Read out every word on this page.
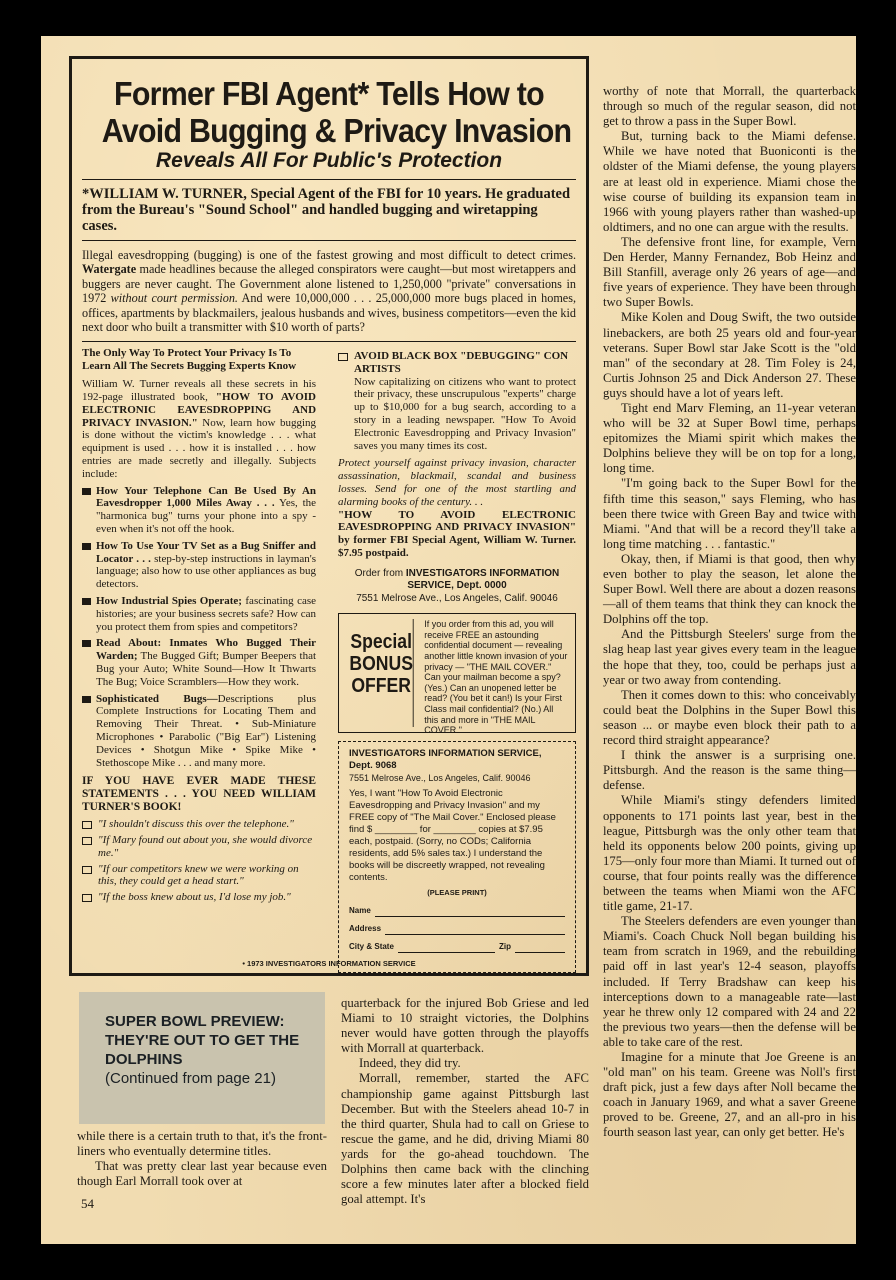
Former FBI Agent* Tells How to
Avoid Bugging & Privacy Invasion
Reveals All For Public's Protection
*WILLIAM W. TURNER, Special Agent of the FBI for 10 years. He graduated from the Bureau's "Sound School" and handled bugging and wiretapping cases.
Illegal eavesdropping (bugging) is one of the fastest growing and most difficult to detect crimes. Watergate made headlines because the alleged conspirators were caught—but most wiretappers and buggers are never caught. The Government alone listened to 1,250,000 "private" conversations in 1972 without court permission. And were 10,000,000 . . . 25,000,000 more bugs placed in homes, offices, apartments by blackmailers, jealous husbands and wives, business competitors—even the kid next door who built a transmitter with $10 worth of parts?
The Only Way To Protect Your Privacy Is To Learn All The Secrets Bugging Experts Know

William W. Turner reveals all these secrets in his 192-page illustrated book, "HOW TO AVOID ELECTRONIC EAVESDROPPING AND PRIVACY INVASION." Now, learn how bugging is done without the victim's knowledge . . . what equipment is used . . . how it is installed . . . how entries are made secretly and illegally. Subjects include:

How Your Telephone Can Be Used By An Eavesdropper 1,000 Miles Away . . . Yes, the "harmonica bug" turns your phone into a spy - even when it's not off the hook.
How To Use Your TV Set as a Bug Sniffer and Locator . . . step-by-step instructions in layman's language; also how to use other appliances as bug detectors.
How Industrial Spies Operate; fascinating case histories; are your business secrets safe? How can you protect them from spies and competitors?
Read About: Inmates Who Bugged Their Warden; The Bugged Gift; Bumper Beepers that Bug your Auto; White Sound—How It Thwarts The Bug; Voice Scramblers—How they work.
Sophisticated Bugs—Descriptions plus Complete Instructions for Locating Them and Removing Their Threat. • Sub-Miniature Microphones • Parabolic ("Big Ear") Listening Devices • Shotgun Mike • Spike Mike • Stethoscope Mike . . . and many more.
IF YOU HAVE EVER MADE THESE STATEMENTS . . . YOU NEED WILLIAM TURNER'S BOOK!
"I shouldn't discuss this over the telephone."
"If Mary found out about you, she would divorce me."
"If our competitors knew we were working on this, they could get a head start."
"If the boss knew about us, I'd lose my job."
AVOID BLACK BOX "DEBUGGING" CON ARTISTS

Now capitalizing on citizens who want to protect their privacy, these unscrupulous "experts" charge up to $10,000 for a bug search, according to a story in a leading newspaper. "How To Avoid Electronic Eavesdropping and Privacy Invasion" saves you many times its cost.

Protect yourself against privacy invasion, character assassination, blackmail, scandal and business losses. Send for one of the most startling and alarming books of the century. . .

"HOW TO AVOID ELECTRONIC EAVESDROPPING AND PRIVACY INVASION" by former FBI Special Agent, William W. Turner. $7.95 postpaid.

Order from INVESTIGATORS INFORMATION SERVICE, Dept. 0000
7551 Melrose Ave., Los Angeles, Calif. 90046
Special BONUS OFFER
If you order from this ad, you will receive FREE an astounding confidential document — revealing another little known invasion of your privacy — "THE MAIL COVER." Can your mailman become a spy? (Yes.) Can an unopened letter be read? (You bet it can!) Is your First Class mail confidential? (No.) All this and more in "THE MAIL COVER."
INVESTIGATORS INFORMATION SERVICE, Dept. 9068
7551 Melrose Ave., Los Angeles, Calif. 90046
Yes, I want "How To Avoid Electronic Eavesdropping and Privacy Invasion" and my FREE copy of "The Mail Cover." Enclosed please find $ ________ for ________ copies at $7.95 each, postpaid. (Sorry, no CODs; California residents, add 5% sales tax.) I understand the books will be discreetly wrapped, not revealing contents.
(PLEASE PRINT)
Name
Address
City & State	Zip
• 1973 INVESTIGATORS INFORMATION SERVICE

worthy of note that Morrall, the quarterback through so much of the regular season, did not get to throw a pass in the Super Bowl.

But, turning back to the Miami defense. While we have noted that Buoniconti is the oldster of the Miami defense, the young players are at least old in experience. Miami chose the wise course of building its expansion team in 1966 with young players rather than washed-up oldtimers, and no one can argue with the results.

The defensive front line, for example, Vern Den Herder, Manny Fernandez, Bob Heinz and Bill Stanfill, average only 26 years of age—and five years of experience. They have been through two Super Bowls.

Mike Kolen and Doug Swift, the two outside linebackers, are both 25 years old and four-year veterans. Super Bowl star Jake Scott is the "old man" of the secondary at 28. Tim Foley is 24, Curtis Johnson 25 and Dick Anderson 27. These guys should have a lot of years left.

Tight end Marv Fleming, an 11-year veteran who will be 32 at Super Bowl time, perhaps epitomizes the Miami spirit which makes the Dolphins believe they will be on top for a long, long time.

"I'm going back to the Super Bowl for the fifth time this season," says Fleming, who has been there twice with Green Bay and twice with Miami. "And that will be a record they'll take a long time matching . . . fantastic."

Okay, then, if Miami is that good, then why even bother to play the season, let alone the Super Bowl. Well there are about a dozen reasons—all of them teams that think they can knock the Dolphins off the top.

And the Pittsburgh Steelers' surge from the slag heap last year gives every team in the league the hope that they, too, could be perhaps just a year or two away from contending.

Then it comes down to this: who conceivably could beat the Dolphins in the Super Bowl this season ... or maybe even block their path to a record third straight appearance?

I think the answer is a surprising one. Pittsburgh. And the reason is the same thing—defense.

While Miami's stingy defenders limited opponents to 171 points last year, best in the league, Pittsburgh was the only other team that held its opponents below 200 points, giving up 175—only four more than Miami. It turned out of course, that four points really was the difference between the teams when Miami won the AFC title game, 21-17.

The Steelers defenders are even younger than Miami's. Coach Chuck Noll began building his team from scratch in 1969, and the rebuilding paid off in last year's 12-4 season, playoffs included. If Terry Bradshaw can keep his interceptions down to a manageable rate—last year he threw only 12 compared with 24 and 22 the previous two years—then the defense will be able to take care of the rest.

Imagine for a minute that Joe Greene is an "old man" on his team. Greene was Noll's first draft pick, just a few days after Noll became the coach in January 1969, and what a saver Greene proved to be. Greene, 27, and an all-pro in his fourth season last year, can only get better. He's

SUPER BOWL PREVIEW: THEY'RE OUT TO GET THE DOLPHINS
(Continued from page 21)

while there is a certain truth to that, it's the front-liners who eventually determine titles.

That was pretty clear last year because even though Earl Morrall took over at

quarterback for the injured Bob Griese and led Miami to 10 straight victories, the Dolphins never would have gotten through the playoffs with Morrall at quarterback.

Indeed, they did try.

Morrall, remember, started the AFC championship game against Pittsburgh last December. But with the Steelers ahead 10-7 in the third quarter, Shula had to call on Griese to rescue the game, and he did, driving Miami 80 yards for the go-ahead touchdown. The Dolphins then came back with the clinching score a few minutes later after a blocked field goal attempt. It's

54
